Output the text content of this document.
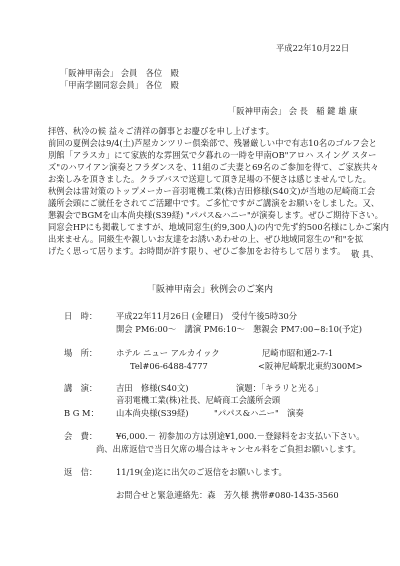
平成22年10月22日
「阪神甲南会」 会員　各位　殿
「甲南学園同窓会員」 各位　殿
「阪神甲南会」 会 長　稲 鍵 雄 康
拝啓、秋冷の候 益々ご清祥の御事とお慶びを申し上げます。
前回の夏例会は9/4(土)芦屋カンツリー倶楽部で、残暑厳しい中で有志10名のゴルフ会と
別館「アラスカ」にて家族的な雰囲気で夕暮れの一時を甲南OB"アロハ スイング スター
ズ"のハワイアン演奏とフラダンスを、11組のご夫妻と69名のご参加を得て、ご家族共々
お楽しみを頂きました。クラブバスで送迎して頂き足場の不便さは感じませんでした。
秋例会は雷対策のトップメーカー音羽電機工業(株)吉田修様(S40文)が当地の尼崎商工会
議所会頭にご就任をされてご活躍中です。ご多忙ですがご講演をお願いをしました。又、
懇親会でBGMを山本尚央様(S39経) "パパス&ハニー"が演奏します。ぜひご期待下さい。
同窓会HPにも掲載してますが、地域同窓生(約9,300人)の内で先ず約500名様にしかご案内
出来ません。同級生や親しいお友達をお誘いあわせの上、ぜひ地域同窓生の"和"を拡
げたく思って居ります。お時間が許す限り、ぜひご参加をお待ちして居ります。 敬 具、
「阪神甲南会」秋例会のご案内
日　時： 平成22年11月26日 (金曜日)　受付午後5時30分
開会 PM6:00～　講演 PM6:10～　懇親会 PM7:00~8:10(予定)
場　所： ホテル ニュー アルカイック	尼崎市昭和通2-7-1
Tel#06-6488-4777	<阪神尼崎駅北東約300M>
講　演： 吉田　修様(S40文)	演題：「キラリと光る」
音羽電機工業(株)社長、尼崎商工会議所会頭
B G M： 山本尚央様(S39経)	"パパス&ハニー"　演奏
会　費： ¥6,000.－ 初参加の方は別途¥1,000.－登録料をお支払い下さい。
尚、出席返信で当日欠席の場合はキャンセル料をご負担お願いします。
返　信： 11/19(金)迄に出欠のご返信をお願いします。
お問合せと緊急連絡先：森　芳久様 携帯#080-1435-3560
